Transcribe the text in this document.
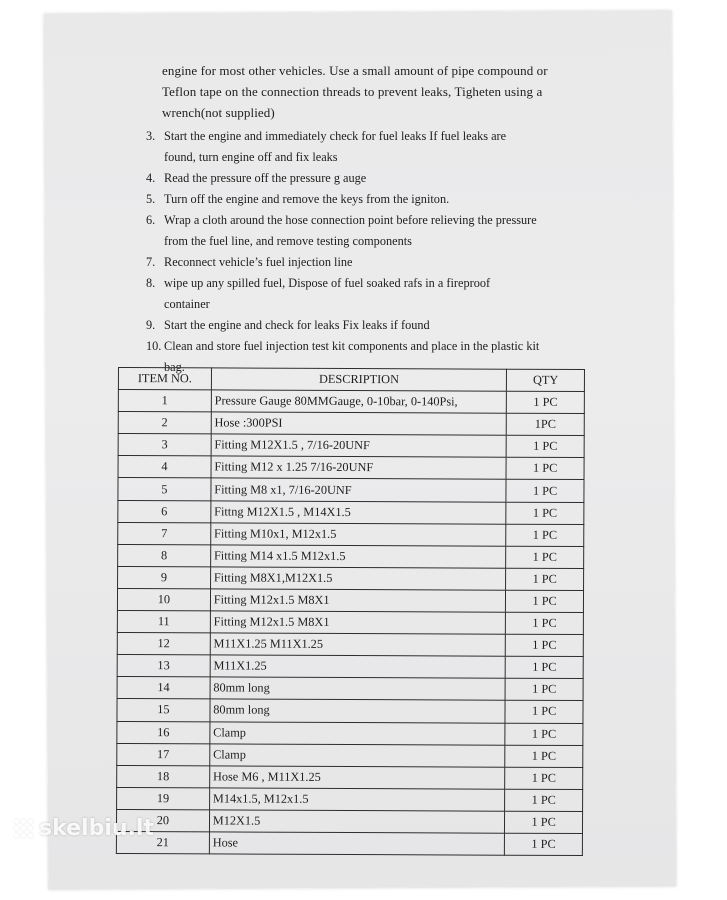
engine for most other vehicles. Use a small amount of pipe compound or
Teflon tape on the connection threads to prevent leaks, Tigheten using a
wrench(not supplied)
3. Start the engine and immediately check for fuel leaks If fuel leaks are
found, turn engine off and fix leaks
4. Read the pressure off the pressure g auge
5. Turn off the engine and remove the keys from the igniton.
6. Wrap a cloth around the hose connection point before relieving the pressure
from the fuel line, and remove testing components
7. Reconnect vehicle’s fuel injection line
8. wipe up any spilled fuel, Dispose of fuel soaked rafs in a fireproof
container
9. Start the engine and check for leaks Fix leaks if found
10. Clean and store fuel injection test kit components and place in the plastic kit
bag.
ITEM NO.	DESCRIPTION	QTY
1	Pressure Gauge 80MMGauge, 0-10bar, 0-140Psi,	1 PC
2	Hose :300PSI	1PC
3	Fitting M12X1.5 , 7/16-20UNF	1 PC
4	Fitting M12 x 1.25 7/16-20UNF	1 PC
5	Fitting M8 x1, 7/16-20UNF	1 PC
6	Fittng M12X1.5 , M14X1.5	1 PC
7	Fitting M10x1, M12x1.5	1 PC
8	Fitting M14 x1.5 M12x1.5	1 PC
9	Fitting M8X1,M12X1.5	1 PC
10	Fitting M12x1.5 M8X1	1 PC
11	Fitting M12x1.5 M8X1	1 PC
12	M11X1.25 M11X1.25	1 PC
13	M11X1.25	1 PC
14	80mm long	1 PC
15	80mm long	1 PC
16	Clamp	1 PC
17	Clamp	1 PC
18	Hose M6 , M11X1.25	1 PC
19	M14x1.5, M12x1.5	1 PC
20	M12X1.5	1 PC
21	Hose	1 PC
skelbiu.lt
